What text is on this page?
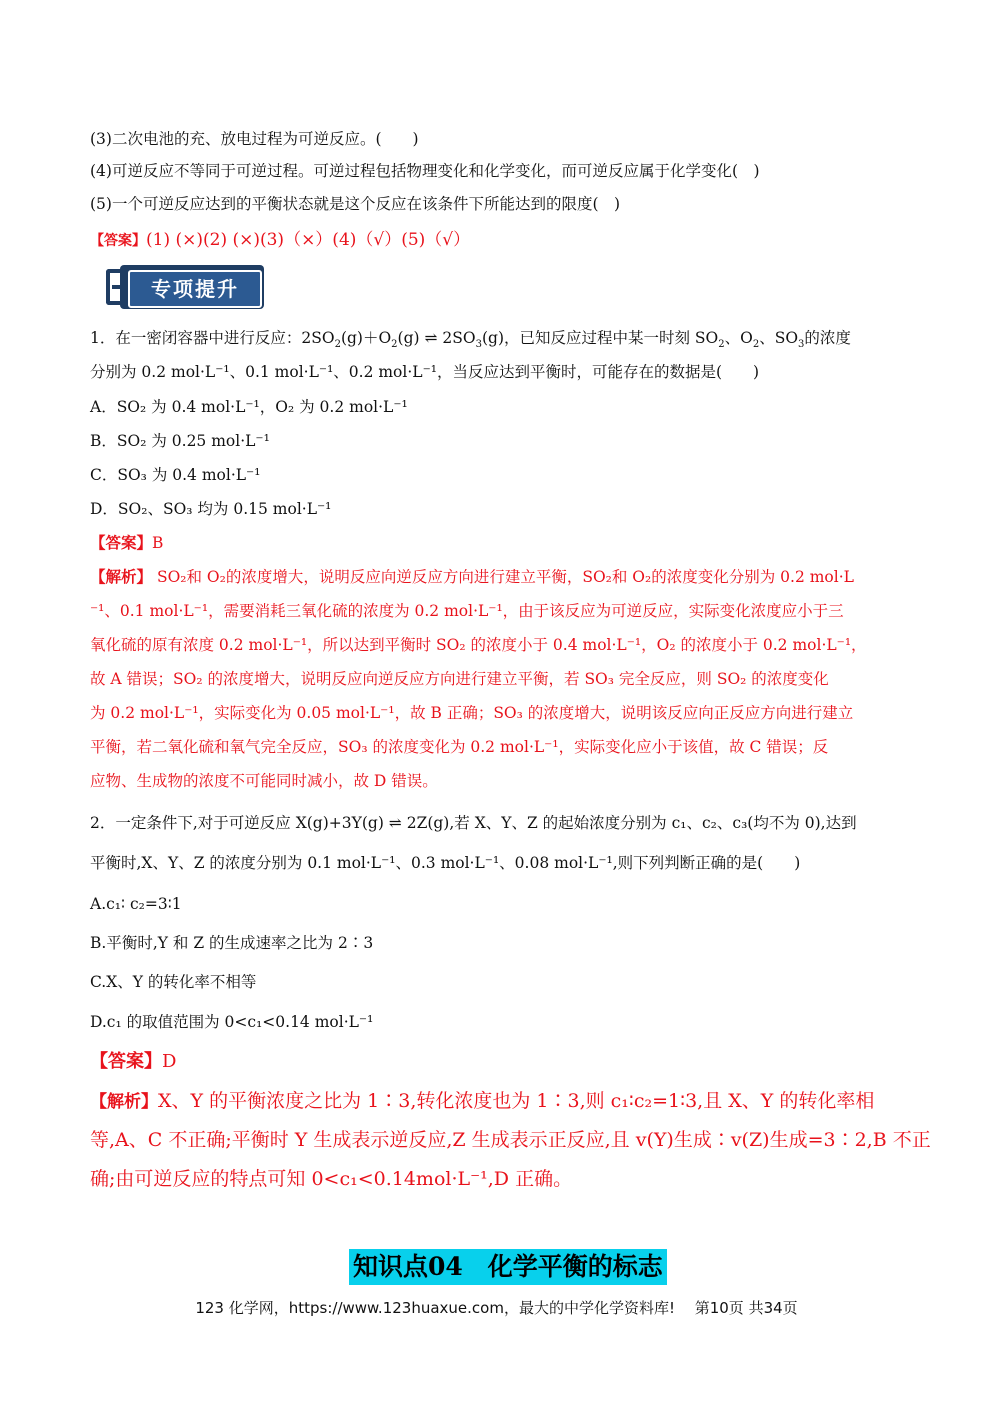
(3)二次电池的充、放电过程为可逆反应。(　　)
(4)可逆反应不等同于可逆过程。可逆过程包括物理变化和化学变化，而可逆反应属于化学变化(　)
(5)一个可逆反应达到的平衡状态就是这个反应在该条件下所能达到的限度(　)
【答案】(1) (×)(2) (×)(3)（×）(4)（√）(5)（√）
专项提升
1．在一密闭容器中进行反应：$2SO_2(g)+O_2(g)$ ⇌ $2SO_3(g)$，已知反应过程中某一时刻 $SO_2$、$O_2$、$SO_3$的浓度
分别为 0.2 mol·L⁻¹、0.1 mol·L⁻¹、0.2 mol·L⁻¹，当反应达到平衡时，可能存在的数据是(　　)
A．SO₂ 为 0.4 mol·L⁻¹，O₂ 为 0.2 mol·L⁻¹
B．SO₂ 为 0.25 mol·L⁻¹
C．SO₃ 为 0.4 mol·L⁻¹
D．SO₂、SO₃ 均为 0.15 mol·L⁻¹
【答案】B
【解析】 SO₂和 O₂的浓度增大，说明反应向逆反应方向进行建立平衡，SO₂和 O₂的浓度变化分别为 0.2 mol·L
⁻¹、0.1 mol·L⁻¹，需要消耗三氧化硫的浓度为 0.2 mol·L⁻¹，由于该反应为可逆反应，实际变化浓度应小于三
氧化硫的原有浓度 0.2 mol·L⁻¹，所以达到平衡时 SO₂ 的浓度小于 0.4 mol·L⁻¹，O₂ 的浓度小于 0.2 mol·L⁻¹，
故 A 错误；SO₂ 的浓度增大，说明反应向逆反应方向进行建立平衡，若 SO₃ 完全反应，则 SO₂ 的浓度变化
为 0.2 mol·L⁻¹，实际变化为 0.05 mol·L⁻¹，故 B 正确；SO₃ 的浓度增大，说明该反应向正反应方向进行建立
平衡，若二氧化硫和氧气完全反应，SO₃ 的浓度变化为 0.2 mol·L⁻¹，实际变化应小于该值，故 C 错误；反
应物、生成物的浓度不可能同时减小，故 D 错误。
2．一定条件下,对于可逆反应 X(g)+3Y(g) ⇌ 2Z(g),若 X、Y、Z 的起始浓度分别为 c₁、c₂、c₃(均不为 0),达到
平衡时,X、Y、Z 的浓度分别为 0.1 mol·L⁻¹、0.3 mol·L⁻¹、0.08 mol·L⁻¹,则下列判断正确的是(　　)
A.c₁∶ c₂=3∶1
B.平衡时,Y 和 Z 的生成速率之比为 2∶3
C.X、Y 的转化率不相等
D.c₁ 的取值范围为 0<c₁<0.14 mol·L⁻¹
【答案】D
【解析】X、Y 的平衡浓度之比为 1∶3,转化浓度也为 1∶3,则 c₁∶c₂=1∶3,且 X、Y 的转化率相
等,A、C 不正确;平衡时 Y 生成表示逆反应,Z 生成表示正反应,且 v(Y)生成∶v(Z)生成=3∶2,B 不正
确;由可逆反应的特点可知 0<c₁<0.14mol·L⁻¹,D 正确。
知识点04　化学平衡的标志
123 化学网，https://www.123huaxue.com，最大的中学化学资料库!　 第10页 共34页
